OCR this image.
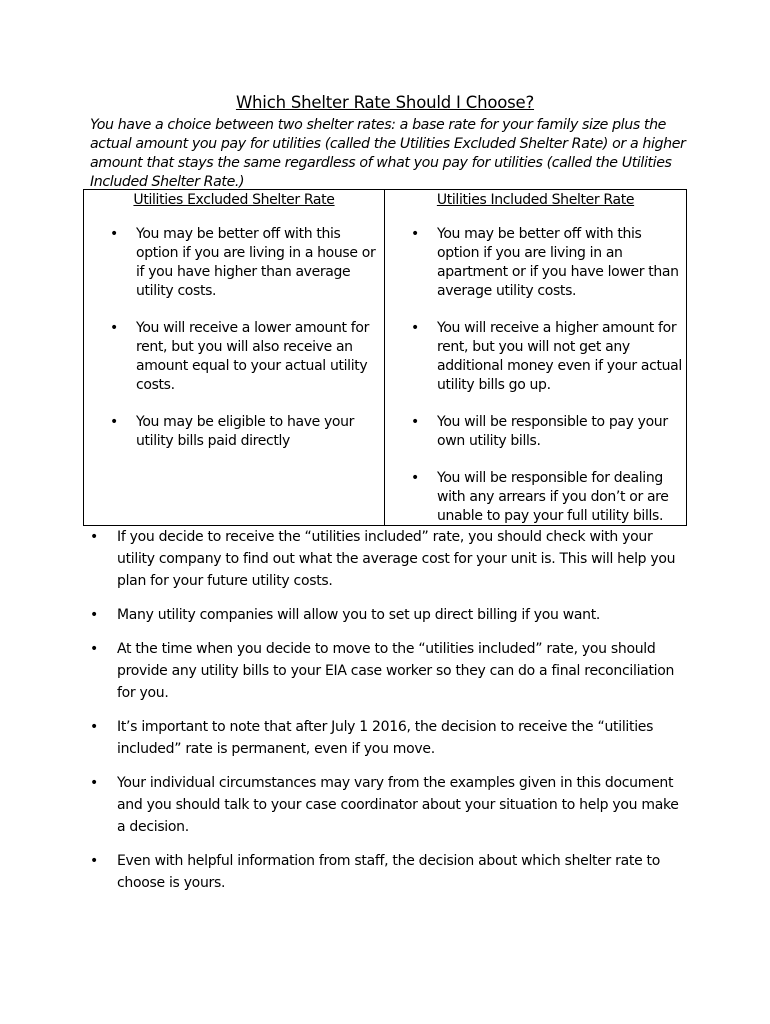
Which Shelter Rate Should I Choose?
You have a choice between two shelter rates: a base rate for your family size plus the actual amount you pay for utilities (called the Utilities Excluded Shelter Rate) or a higher amount that stays the same regardless of what you pay for utilities (called the Utilities Included Shelter Rate.)
Utilities Excluded Shelter Rate
• You may be better off with this option if you are living in a house or if you have higher than average utility costs.
• You will receive a lower amount for rent, but you will also receive an amount equal to your actual utility costs.
• You may be eligible to have your utility bills paid directly
Utilities Included Shelter Rate
• You may be better off with this option if you are living in an apartment or if you have lower than average utility costs.
• You will receive a higher amount for rent, but you will not get any additional money even if your actual utility bills go up.
• You will be responsible to pay your own utility bills.
• You will be responsible for dealing with any arrears if you don’t or are unable to pay your full utility bills.
• If you decide to receive the “utilities included” rate, you should check with your utility company to find out what the average cost for your unit is. This will help you plan for your future utility costs.
• Many utility companies will allow you to set up direct billing if you want.
• At the time when you decide to move to the “utilities included” rate, you should provide any utility bills to your EIA case worker so they can do a final reconciliation for you.
• It’s important to note that after July 1 2016, the decision to receive the “utilities included” rate is permanent, even if you move.
• Your individual circumstances may vary from the examples given in this document and you should talk to your case coordinator about your situation to help you make a decision.
• Even with helpful information from staff, the decision about which shelter rate to choose is yours.
